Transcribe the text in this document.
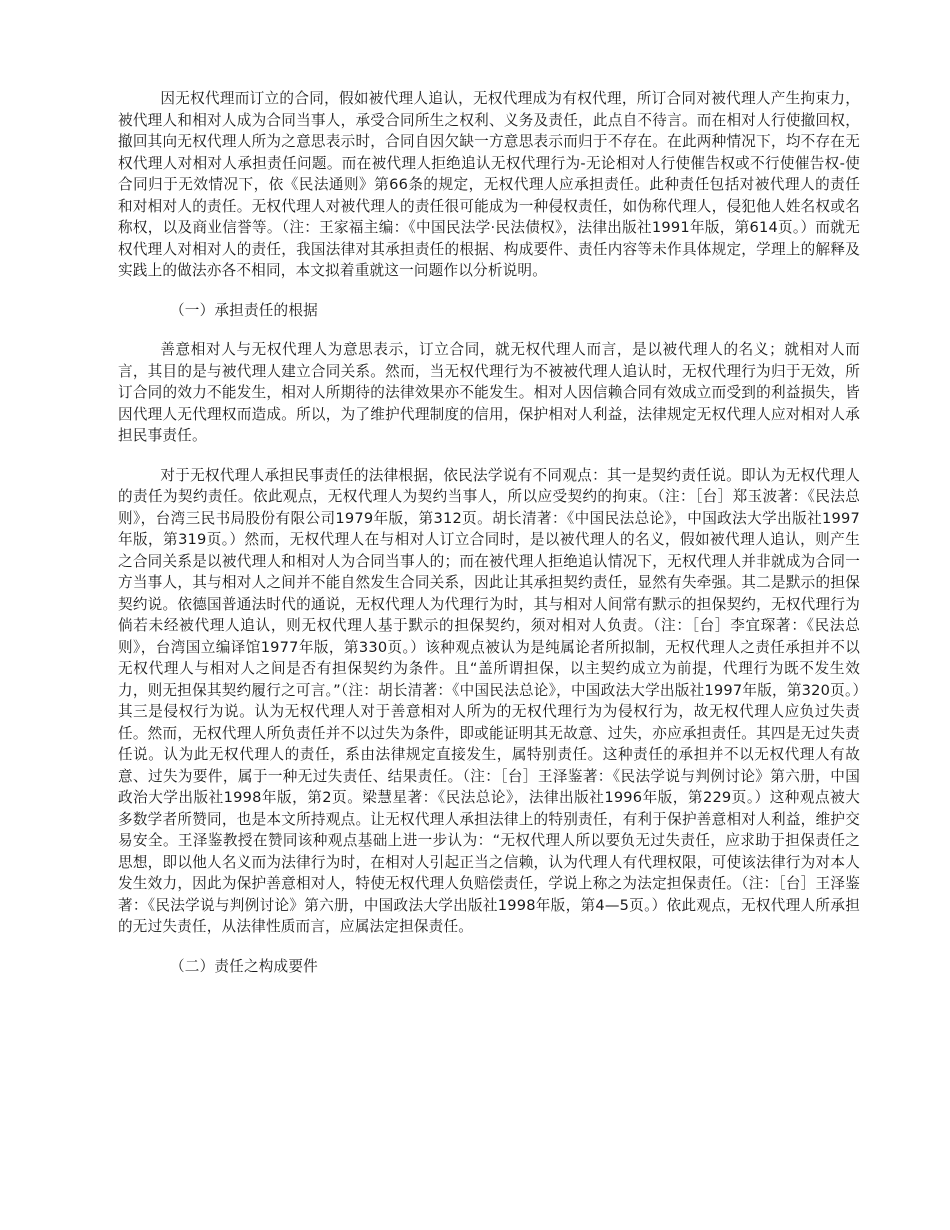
因无权代理而订立的合同，假如被代理人追认，无权代理成为有权代理，所订合同对被代理人产生拘束力，被代理人和相对人成为合同当事人，承受合同所生之权利、义务及责任，此点自不待言。而在相对人行使撤回权，撤回其向无权代理人所为之意思表示时，合同自因欠缺一方意思表示而归于不存在。在此两种情况下，均不存在无权代理人对相对人承担责任问题。而在被代理人拒绝追认无权代理行为-无论相对人行使催告权或不行使催告权-使合同归于无效情况下，依《民法通则》第66条的规定，无权代理人应承担责任。此种责任包括对被代理人的责任和对相对人的责任。无权代理人对被代理人的责任很可能成为一种侵权责任，如伪称代理人，侵犯他人姓名权或名称权，以及商业信誉等。（注：王家福主编：《中国民法学·民法债权》，法律出版社1991年版，第614页。）而就无权代理人对相对人的责任，我国法律对其承担责任的根据、构成要件、责任内容等未作具体规定，学理上的解释及实践上的做法亦各不相同，本文拟着重就这一问题作以分析说明。

（一）承担责任的根据

善意相对人与无权代理人为意思表示，订立合同，就无权代理人而言，是以被代理人的名义；就相对人而言，其目的是与被代理人建立合同关系。然而，当无权代理行为不被被代理人追认时，无权代理行为归于无效，所订合同的效力不能发生，相对人所期待的法律效果亦不能发生。相对人因信赖合同有效成立而受到的利益损失，皆因代理人无代理权而造成。所以，为了维护代理制度的信用，保护相对人利益，法律规定无权代理人应对相对人承担民事责任。

对于无权代理人承担民事责任的法律根据，依民法学说有不同观点：其一是契约责任说。即认为无权代理人的责任为契约责任。依此观点，无权代理人为契约当事人，所以应受契约的拘束。（注：［台］郑玉波著：《民法总则》，台湾三民书局股份有限公司1979年版，第312页。胡长清著：《中国民法总论》，中国政法大学出版社1997年版，第319页。）然而，无权代理人在与相对人订立合同时，是以被代理人的名义，假如被代理人追认，则产生之合同关系是以被代理人和相对人为合同当事人的；而在被代理人拒绝追认情况下，无权代理人并非就成为合同一方当事人，其与相对人之间并不能自然发生合同关系，因此让其承担契约责任，显然有失牵强。其二是默示的担保契约说。依德国普通法时代的通说，无权代理人为代理行为时，其与相对人间常有默示的担保契约，无权代理行为倘若未经被代理人追认，则无权代理人基于默示的担保契约，须对相对人负责。（注：［台］李宜琛著：《民法总则》，台湾国立编译馆1977年版，第330页。）该种观点被认为是纯属论者所拟制，无权代理人之责任承担并不以无权代理人与相对人之间是否有担保契约为条件。且“盖所谓担保，以主契约成立为前提，代理行为既不发生效力，则无担保其契约履行之可言。”（注：胡长清著：《中国民法总论》，中国政法大学出版社1997年版，第320页。）其三是侵权行为说。认为无权代理人对于善意相对人所为的无权代理行为为侵权行为，故无权代理人应负过失责任。然而，无权代理人所负责任并不以过失为条件，即或能证明其无故意、过失，亦应承担责任。其四是无过失责任说。认为此无权代理人的责任，系由法律规定直接发生，属特别责任。这种责任的承担并不以无权代理人有故意、过失为要件，属于一种无过失责任、结果责任。（注：［台］王泽鉴著：《民法学说与判例讨论》第六册，中国政治大学出版社1998年版，第2页。梁慧星著：《民法总论》，法律出版社1996年版，第229页。）这种观点被大多数学者所赞同，也是本文所持观点。让无权代理人承担法律上的特别责任，有利于保护善意相对人利益，维护交易安全。王泽鉴教授在赞同该种观点基础上进一步认为：“无权代理人所以要负无过失责任，应求助于担保责任之思想，即以他人名义而为法律行为时，在相对人引起正当之信赖，认为代理人有代理权限，可使该法律行为对本人发生效力，因此为保护善意相对人，特使无权代理人负赔偿责任，学说上称之为法定担保责任。（注：［台］王泽鉴著：《民法学说与判例讨论》第六册，中国政法大学出版社1998年版，第4—5页。）依此观点，无权代理人所承担的无过失责任，从法律性质而言，应属法定担保责任。

（二）责任之构成要件
